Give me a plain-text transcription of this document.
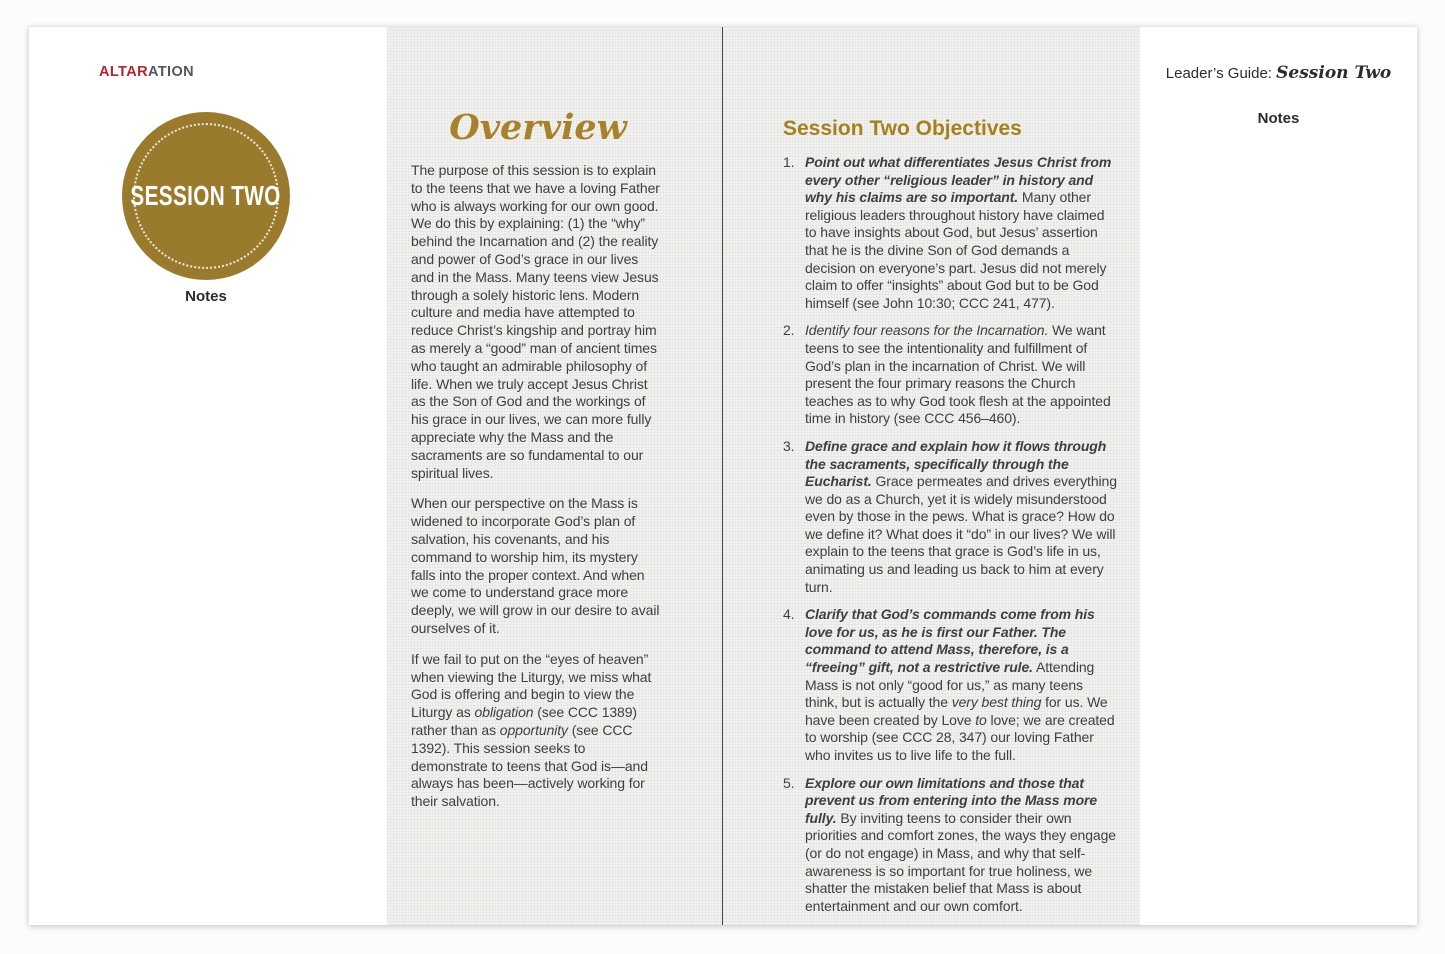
ALTARATION
SESSION TWO
Notes
Overview

The purpose of this session is to explain to the teens that we have a loving Father who is always working for our own good. We do this by explaining: (1) the “why” behind the Incarnation and (2) the reality and power of God’s grace in our lives and in the Mass. Many teens view Jesus through a solely historic lens. Modern culture and media have attempted to reduce Christ’s kingship and portray him as merely a “good” man of ancient times who taught an admirable philosophy of life. When we truly accept Jesus Christ as the Son of God and the workings of his grace in our lives, we can more fully appreciate why the Mass and the sacraments are so fundamental to our spiritual lives.

When our perspective on the Mass is widened to incorporate God’s plan of salvation, his covenants, and his command to worship him, its mystery falls into the proper context. And when we come to understand grace more deeply, we will grow in our desire to avail ourselves of it.

If we fail to put on the “eyes of heaven” when viewing the Liturgy, we miss what God is offering and begin to view the Liturgy as obligation (see CCC 1389) rather than as opportunity (see CCC 1392). This session seeks to demonstrate to teens that God is—and always has been—actively working for their salvation.

Session Two Objectives
1. Point out what differentiates Jesus Christ from every other “religious leader” in history and why his claims are so important. Many other religious leaders throughout history have claimed to have insights about God, but Jesus’ assertion that he is the divine Son of God demands a decision on everyone’s part. Jesus did not merely claim to offer “insights” about God but to be God himself (see John 10:30; CCC 241, 477).
2. Identify four reasons for the Incarnation. We want teens to see the intentionality and fulfillment of God’s plan in the incarnation of Christ. We will present the four primary reasons the Church teaches as to why God took flesh at the appointed time in history (see CCC 456–460).
3. Define grace and explain how it flows through the sacraments, specifically through the Eucharist. Grace permeates and drives everything we do as a Church, yet it is widely misunderstood even by those in the pews. What is grace? How do we define it? What does it “do” in our lives? We will explain to the teens that grace is God’s life in us, animating us and leading us back to him at every turn.
4. Clarify that God’s commands come from his love for us, as he is first our Father. The command to attend Mass, therefore, is a “freeing” gift, not a restrictive rule. Attending Mass is not only “good for us,” as many teens think, but is actually the very best thing for us. We have been created by Love to love; we are created to worship (see CCC 28, 347) our loving Father who invites us to live life to the full.
5. Explore our own limitations and those that prevent us from entering into the Mass more fully. By inviting teens to consider their own priorities and comfort zones, the ways they engage (or do not engage) in Mass, and why that self-awareness is so important for true holiness, we shatter the mistaken belief that Mass is about entertainment and our own comfort.
Leader’s Guide: Session Two
Notes
